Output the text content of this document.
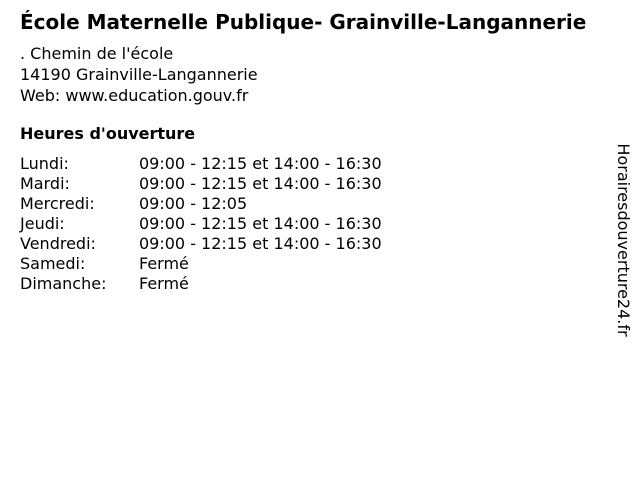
École Maternelle Publique- Grainville-Langannerie
. Chemin de l'école
14190 Grainville-Langannerie
Web: www.education.gouv.fr
Heures d'ouverture
Lundi:	09:00 - 12:15 et 14:00 - 16:30
Mardi:	09:00 - 12:15 et 14:00 - 16:30
Mercredi:	09:00 - 12:05
Jeudi:	09:00 - 12:15 et 14:00 - 16:30
Vendredi:	09:00 - 12:15 et 14:00 - 16:30
Samedi:	Fermé
Dimanche: Fermé	Horairesdouverture24.fr
